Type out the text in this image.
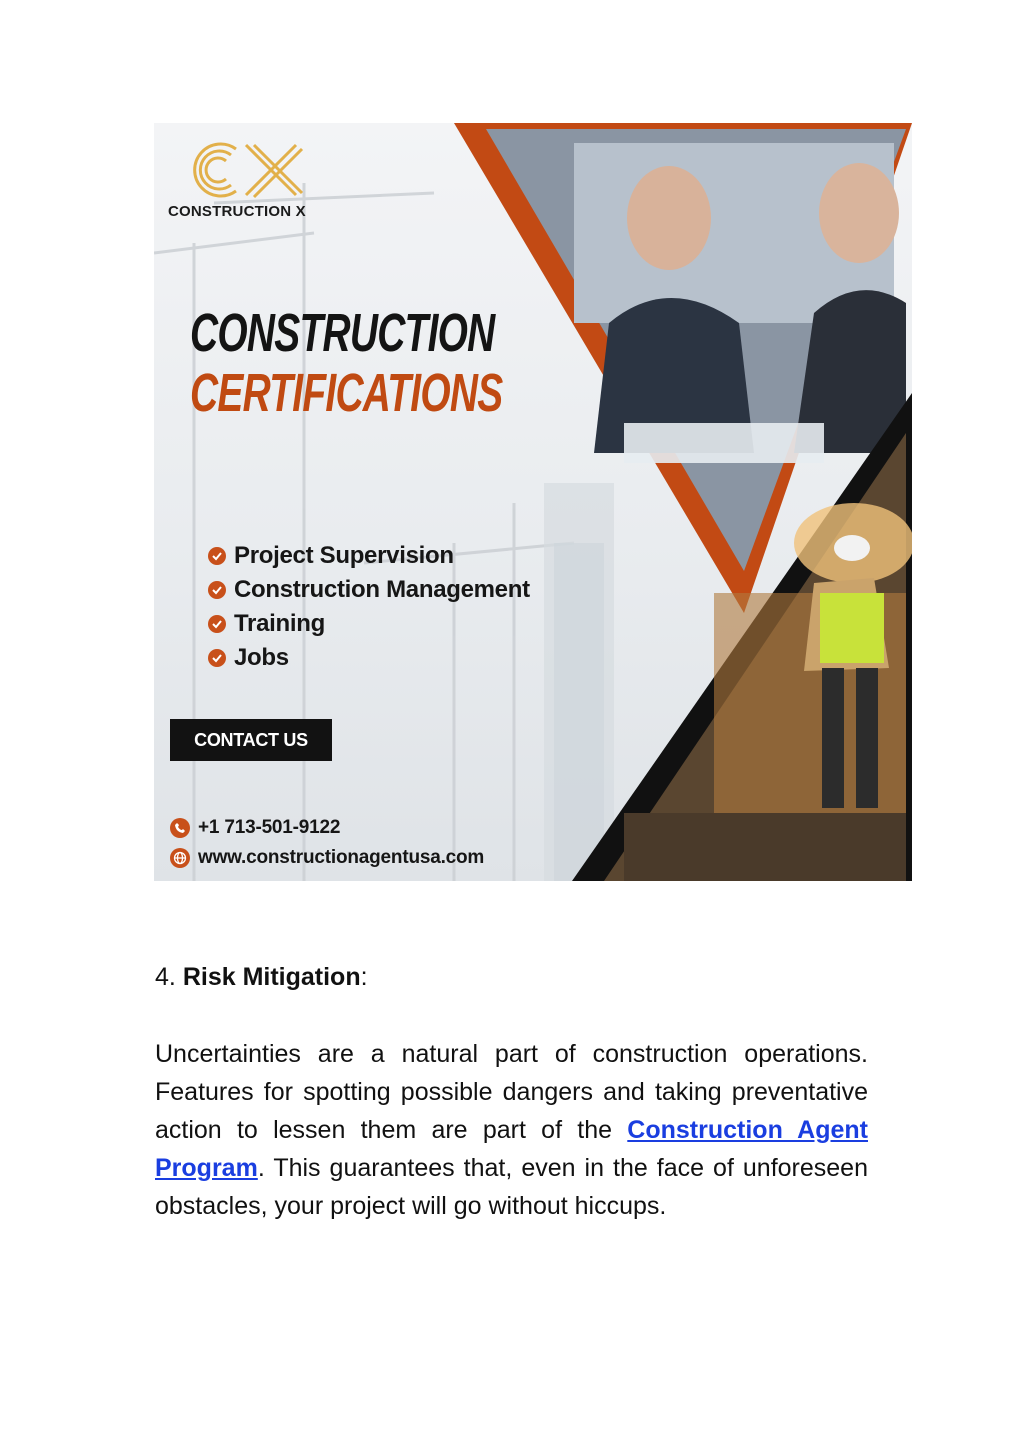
CONSTRUCTION X
CONSTRUCTION
CERTIFICATIONS
Project Supervision
Construction Management
Training
Jobs
CONTACT US
+1 713-501-9122
www.constructionagentusa.com

4. Risk Mitigation:

Uncertainties are a natural part of construction operations. Features for spotting possible dangers and taking preventative action to lessen them are part of the Construction Agent Program. This guarantees that, even in the face of unforeseen obstacles, your project will go without hiccups.
